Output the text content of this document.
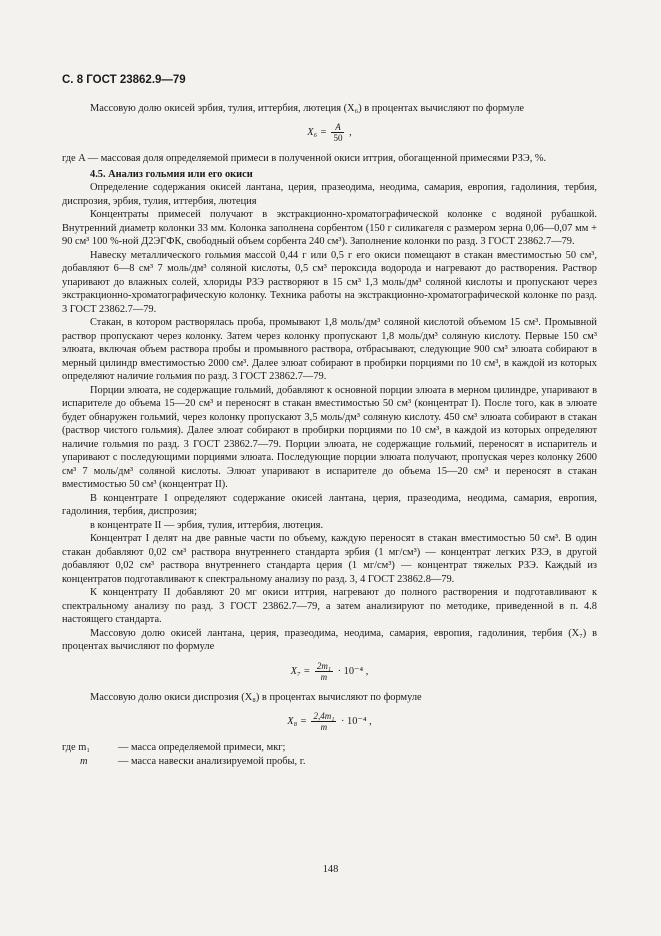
С. 8 ГОСТ 23862.9—79

Массовую долю окисей эрбия, тулия, иттербия, лютеция (X₆) в процентах вычисляют по формуле

$X_6 = \frac{A}{50}$ ,

где A — массовая доля определяемой примеси в полученной окиси иттрия, обогащенной примесями РЗЭ, %.

4.5. Анализ гольмия или его окиси

Определение содержания окисей лантана, церия, празеодима, неодима, самария, европия, гадолиния, тербия, диспрозия, эрбия, тулия, иттербия, лютеция

Концентраты примесей получают в экстракционно-хроматографической колонке с водяной рубашкой. Внутренний диаметр колонки 33 мм. Колонка заполнена сорбентом (150 г силикагеля с размером зерна 0,06—0,07 мм + 90 см³ 100 %-ной Д2ЭГФК, свободный объем сорбента 240 см³). Заполнение колонки по разд. 3 ГОСТ 23862.7—79.

Навеску металлического гольмия массой 0,44 г или 0,5 г его окиси помещают в стакан вместимостью 50 см³, добавляют 6—8 см³ 7 моль/дм³ соляной кислоты, 0,5 см³ пероксида водорода и нагревают до растворения. Раствор упаривают до влажных солей, хлориды РЗЭ растворяют в 15 см³ 1,3 моль/дм³ соляной кислоты и пропускают через экстракционно-хроматографическую колонку. Техника работы на экстракционно-хроматографической колонке по разд. 3 ГОСТ 23862.7—79.

Стакан, в котором растворялась проба, промывают 1,8 моль/дм³ соляной кислотой объемом 15 см³. Промывной раствор пропускают через колонку. Затем через колонку пропускают 1,8 моль/дм³ соляную кислоту. Первые 150 см³ элюата, включая объем раствора пробы и промывного раствора, отбрасывают, следующие 900 см³ элюата собирают в мерный цилиндр вместимостью 2000 см³. Далее элюат собирают в пробирки порциями по 10 см³, в каждой из которых определяют наличие гольмия по разд. 3 ГОСТ 23862.7—79.

Порции элюата, не содержащие гольмий, добавляют к основной порции элюата в мерном цилиндре, упаривают в испарителе до объема 15—20 см³ и переносят в стакан вместимостью 50 см³ (концентрат I). После того, как в элюате будет обнаружен гольмий, через колонку пропускают 3,5 моль/дм³ соляную кислоту. 450 см³ элюата собирают в стакан (раствор чистого гольмия). Далее элюат собирают в пробирки порциями по 10 см³, в каждой из которых определяют наличие гольмия по разд. 3 ГОСТ 23862.7—79. Порции элюата, не содержащие гольмий, переносят в испаритель и упаривают с последующими порциями элюата. Последующие порции элюата получают, пропуская через колонку 2600 см³ 7 моль/дм³ соляной кислоты. Элюат упаривают в испарителе до объема 15—20 см³ и переносят в стакан вместимостью 50 см³ (концентрат II).

В концентрате I определяют содержание окисей лантана, церия, празеодима, неодима, самария, европия, гадолиния, тербия, диспрозия;

в концентрате II — эрбия, тулия, иттербия, лютеция.

Концентрат I делят на две равные части по объему, каждую переносят в стакан вместимостью 50 см³. В один стакан добавляют 0,02 см³ раствора внутреннего стандарта эрбия (1 мг/см³) — концентрат легких РЗЭ, в другой добавляют 0,02 см³ раствора внутреннего стандарта церия (1 мг/см³) — концентрат тяжелых РЗЭ. Каждый из концентратов подготавливают к спектральному анализу по разд. 3, 4 ГОСТ 23862.8—79.

К концентрату II добавляют 20 мг окиси иттрия, нагревают до полного растворения и подготавливают к спектральному анализу по разд. 3 ГОСТ 23862.7—79, а затем анализируют по методике, приведенной в п. 4.8 настоящего стандарта.

Массовую долю окисей лантана, церия, празеодима, неодима, самария, европия, гадолиния, тербия (X₇) в процентах вычисляют по формуле

$X_7 = \frac{\text{2m₁}}{m} \cdot 10^{-4}$ ,

Массовую долю окиси диспрозия (X₈) в процентах вычисляют по формуле

$X_8 = \frac{\text{2,4m₁}}{m} \cdot 10^{-4}$ ,
где m₁	— масса определяемой примеси, мкг;
m	— масса навески анализируемой пробы, г.
148
